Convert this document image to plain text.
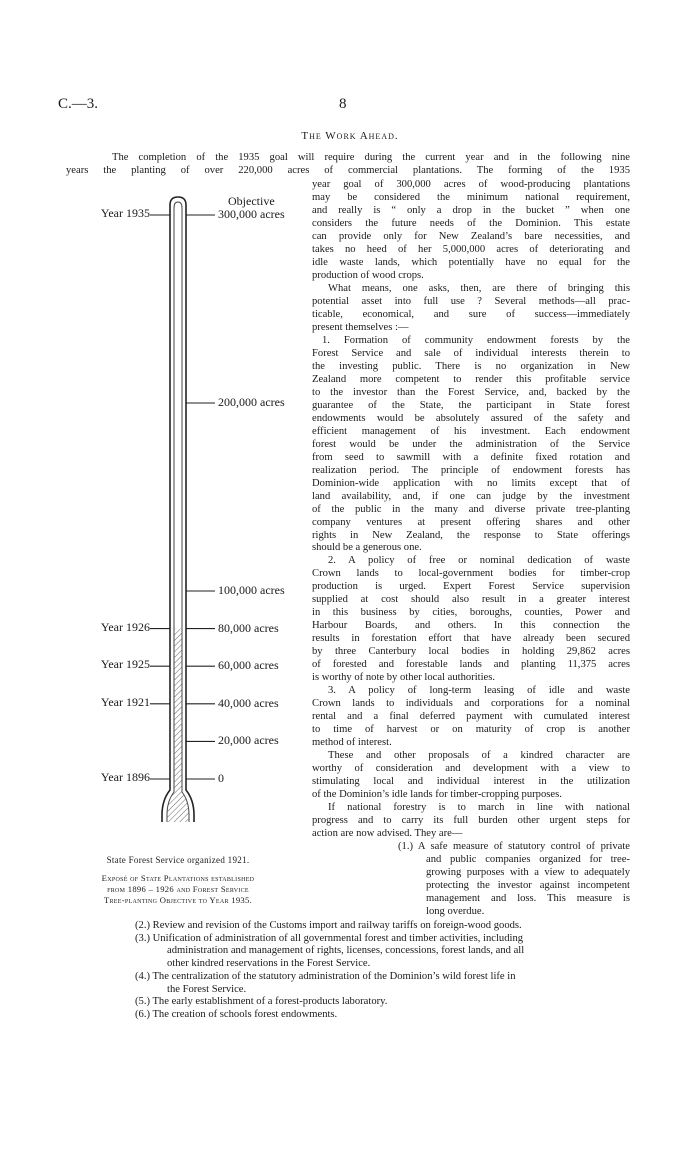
C.—3.	8
The Work Ahead.
The completion of the 1935 goal will require during the current year and in the following nine
years the planting of over 220,000 acres of commercial plantations. The forming of the 1935
year goal of 300,000 acres of wood-producing plantations
may be considered the minimum national requirement,
and really is “ only a drop in the bucket ” when one
considers the future needs of the Dominion. This estate
can provide only for New Zealand’s bare necessities, and
takes no heed of her 5,000,000 acres of deteriorating and
idle waste lands, which potentially have no equal for the
production of wood crops.
What means, one asks, then, are there of bringing this
potential asset into full use ? Several methods—all prac-
ticable, economical, and sure of success—immediately
present themselves :—
1. Formation of community endowment forests by the
Forest Service and sale of individual interests therein to
the investing public. There is no organization in New
Zealand more competent to render this profitable service
to the investor than the Forest Service, and, backed by the
guarantee of the State, the participant in State forest
endowments would be absolutely assured of the safety and
efficient management of his investment. Each endowment
forest would be under the administration of the Service
from seed to sawmill with a definite fixed rotation and
realization period. The principle of endowment forests has
Dominion-wide application with no limits except that of
land availability, and, if one can judge by the investment
of the public in the many and diverse private tree-planting
company ventures at present offering shares and other
rights in New Zealand, the response to State offerings
should be a generous one.
2. A policy of free or nominal dedication of waste
Crown lands to local-government bodies for timber-crop
production is urged. Expert Forest Service supervision
supplied at cost should also result in a greater interest
in this business by cities, boroughs, counties, Power and
Harbour Boards, and others. In this connection the
results in forestation effort that have already been secured
by three Canterbury local bodies in holding 29,862 acres
of forested and forestable lands and planting 11,375 acres
is worthy of note by other local authorities.
3. A policy of long-term leasing of idle and waste
Crown lands to individuals and corporations for a nominal
rental and a final deferred payment with cumulated interest
to time of harvest or on maturity of crop is another
method of interest.
These and other proposals of a kindred character are
worthy of consideration and development with a view to
stimulating local and individual interest in the utilization
of the Dominion’s idle lands for timber-cropping purposes.
If national forestry is to march in line with national
progress and to carry its full burden other urgent steps for
action are now advised. They are—
(1.) A safe measure of statutory control of private
and public companies organized for tree-
growing purposes with a view to adequately
protecting the investor against incompetent
management and loss. This measure is
long overdue.
(2.) Review and revision of the Customs import and railway tariffs on foreign-wood goods.
(3.) Unification of administration of all governmental forest and timber activities, including
administration and management of rights, licenses, concessions, forest lands, and all
other kindred reservations in the Forest Service.
(4.) The centralization of the statutory administration of the Dominion’s wild forest life in
the Forest Service.
(5.) The early establishment of a forest-products laboratory.
(6.) The creation of schools forest endowments.
Objective
300,000 acres
200,000 acres
100,000 acres
80,000 acres
60,000 acres
40,000 acres
20,000 acres
0
Year 1935
Year 1926
Year 1925
Year 1921
Year 1896
State Forest Service organized 1921.
Exposé of State Plantations established
from 1896 – 1926 and Forest Service
Tree-planting Objective to Year 1935.
